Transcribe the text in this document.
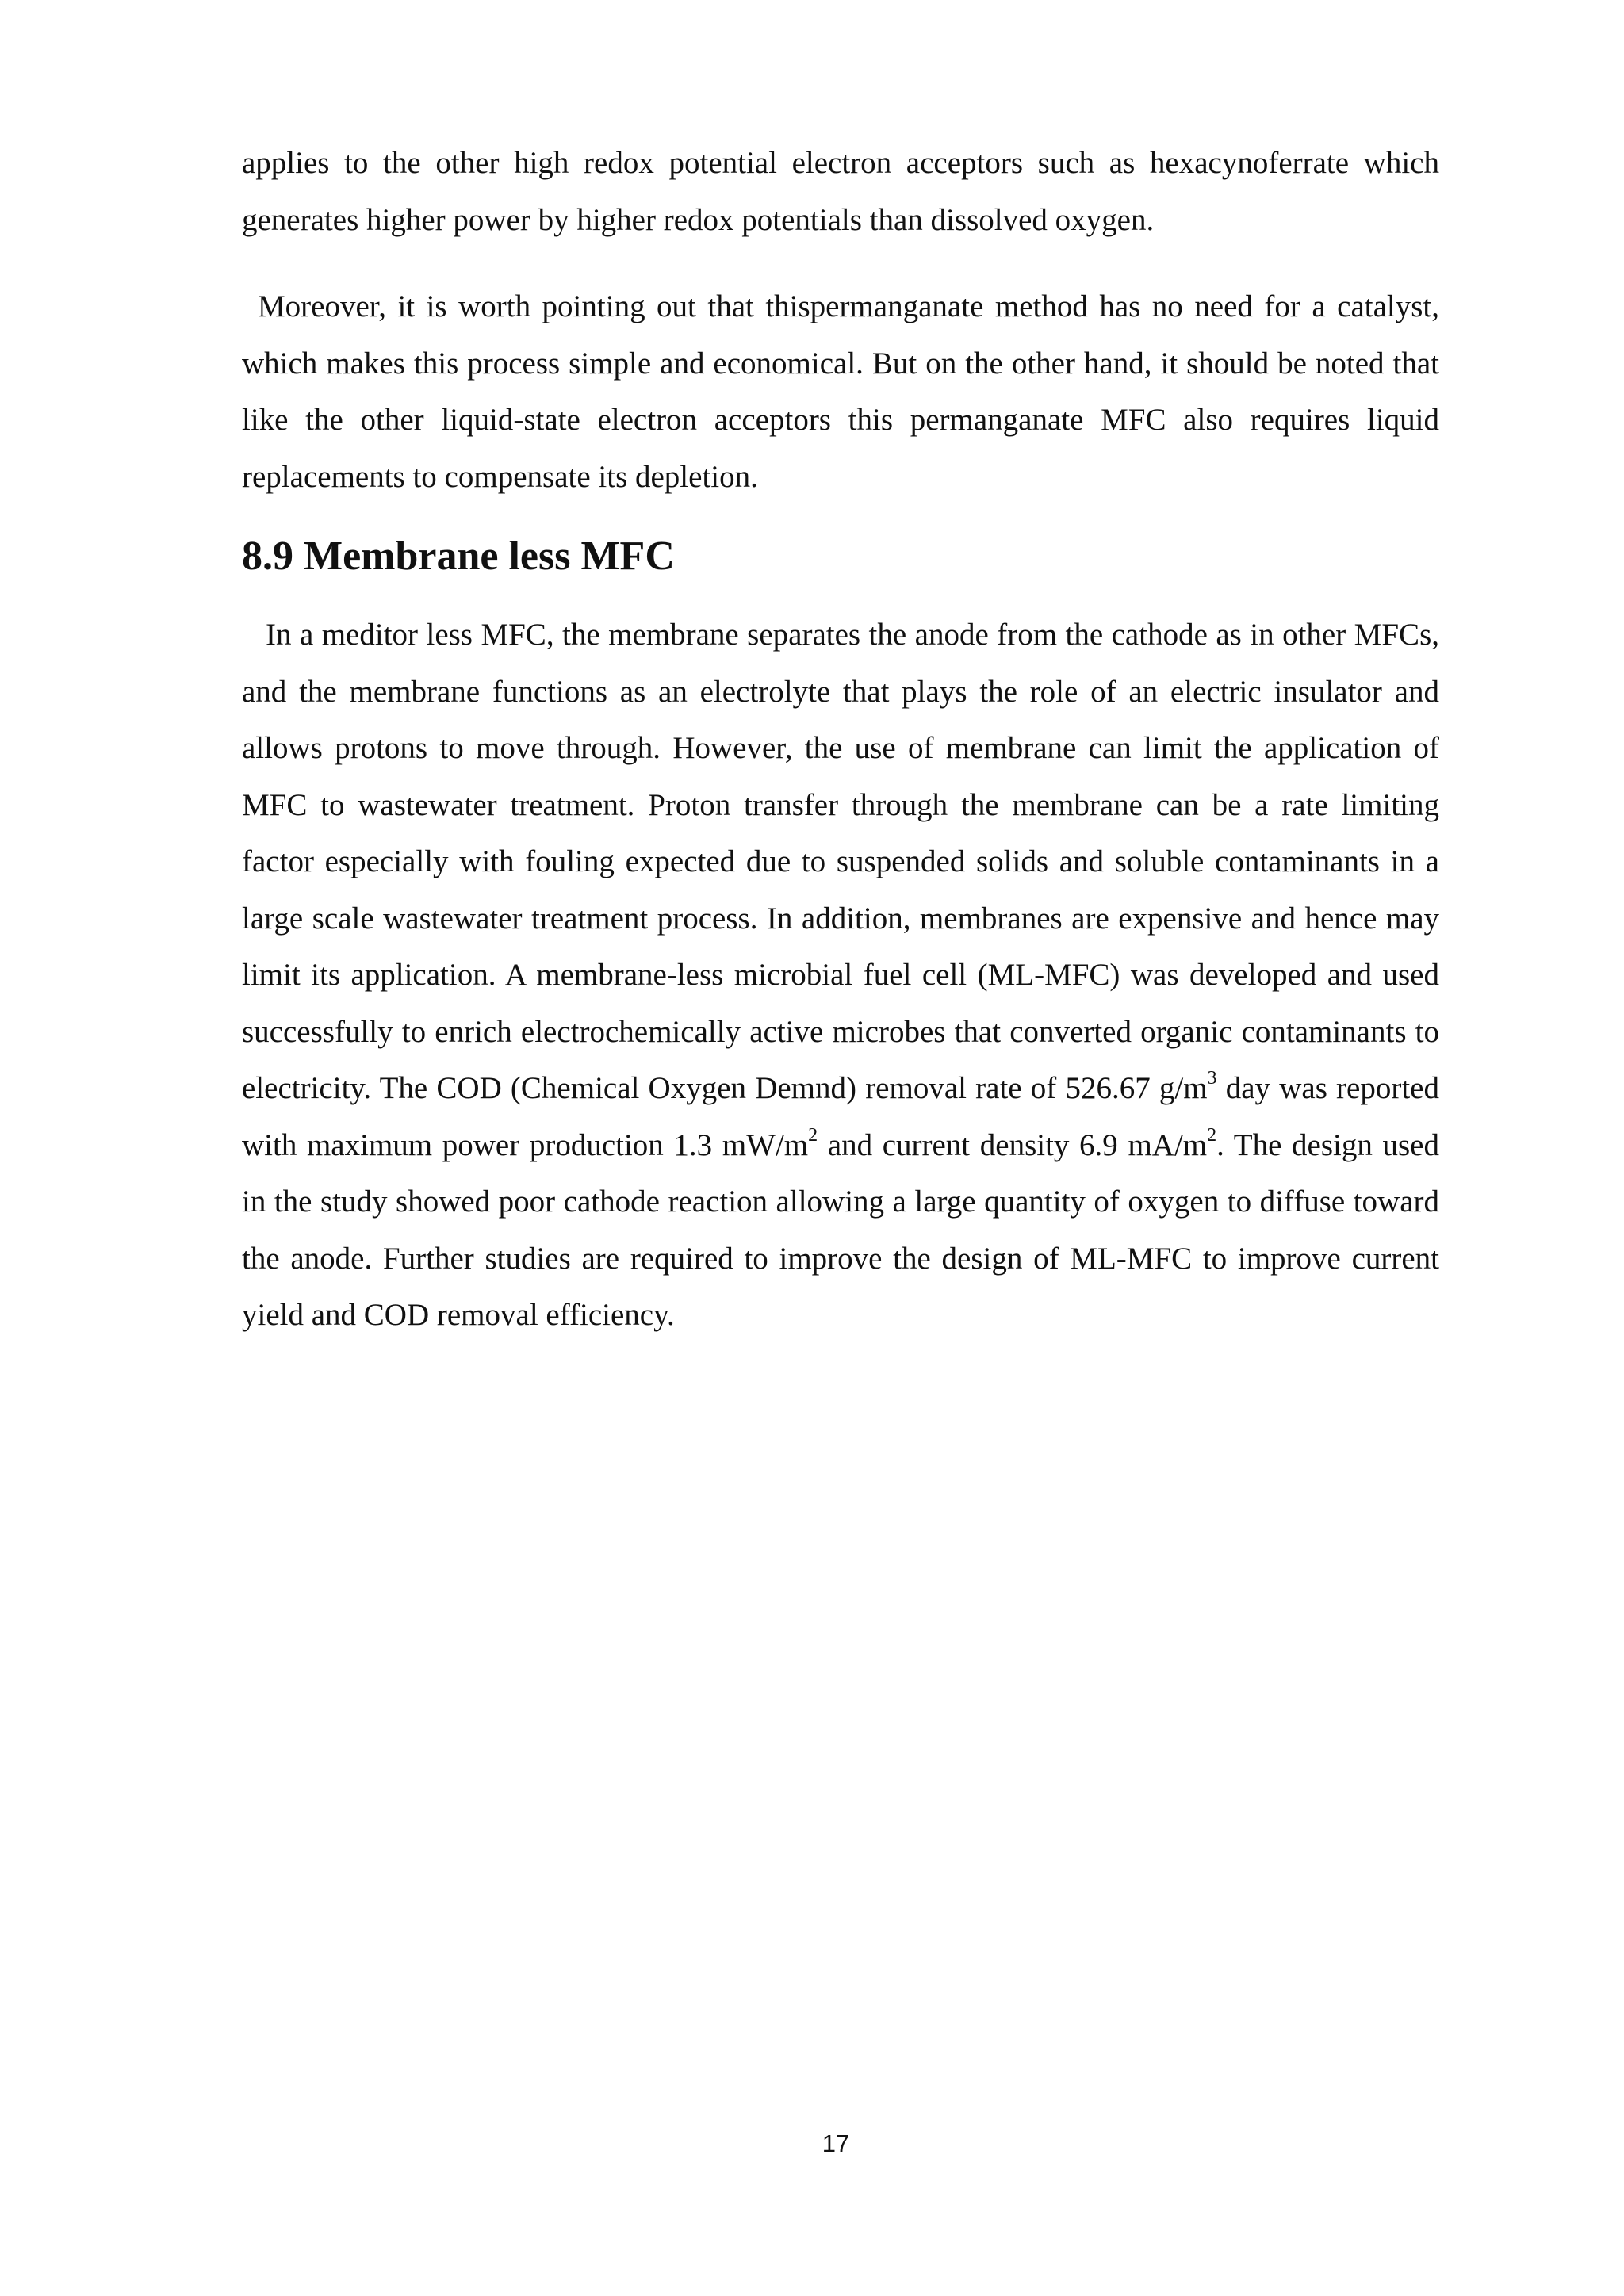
applies to the other high redox potential electron acceptors such as hexacynoferrate which generates higher power by higher redox potentials than dissolved oxygen.

Moreover, it is worth pointing out that thispermanganate method has no need for a catalyst, which makes this process simple and economical. But on the other hand, it should be noted that like the other liquid-state electron acceptors this permanganate MFC also requires liquid replacements to compensate its depletion.

8.9 Membrane less MFC

In a meditor less MFC, the membrane separates the anode from the cathode as in other MFCs, and the membrane functions as an electrolyte that plays the role of an electric insulator and allows protons to move through. However, the use of membrane can limit the application of MFC to wastewater treatment. Proton transfer through the membrane can be a rate limiting factor especially with fouling expected due to suspended solids and soluble contaminants in a large scale wastewater treatment process. In addition, membranes are expensive and hence may limit its application. A membrane-less microbial fuel cell (ML-MFC) was developed and used successfully to enrich electrochemically active microbes that converted organic contaminants to electricity. The COD (Chemical Oxygen Demnd) removal rate of 526.67 $g/m^3$ day was reported with maximum power production 1.3 $mW/m^2$ and current density 6.9 $mA/m^2$. The design used in the study showed poor cathode reaction allowing a large quantity of oxygen to diffuse toward the anode. Further studies are required to improve the design of ML-MFC to improve current yield and COD removal efficiency.

17
